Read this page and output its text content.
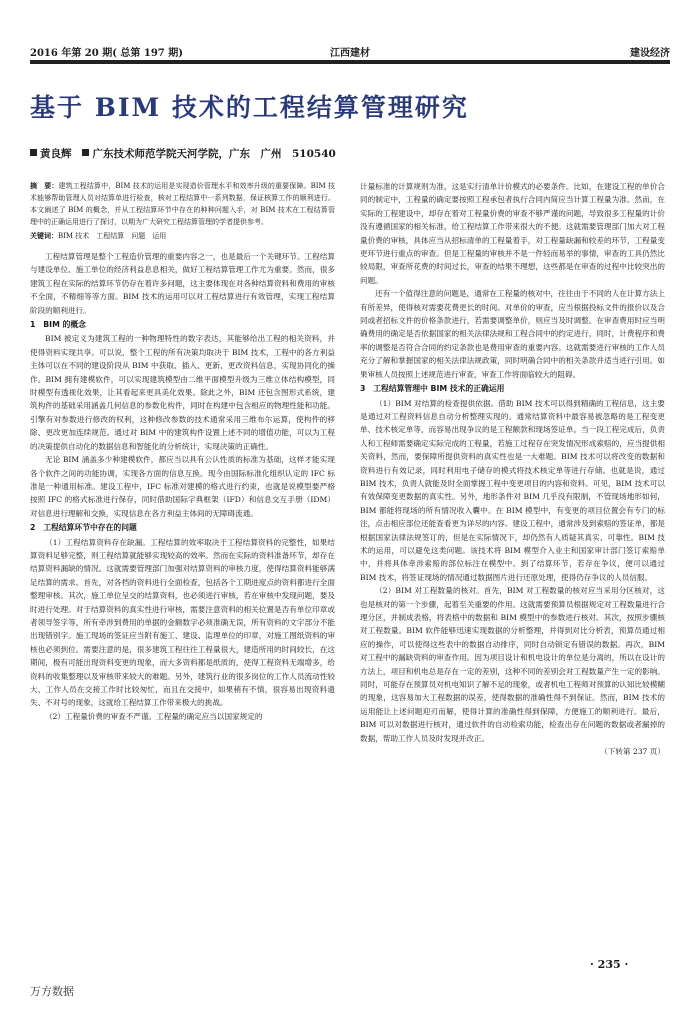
2016 年第 20 期( 总第 197 期)	江西建材	建设经济
基于 BIM 技术的工程结算管理研究
黄良辉 广东技术师范学院天河学院，广东　广州　510540
摘　要：建筑工程结算中，BIM 技术的运用是实现造价管理水平和效率升级的重要保障。BIM 技术能够帮助管理人员对结算单进行检查，核对工程结算中一系列数据，保证核算工作的顺利进行。本文阐述了 BIM 的概念，并从工程结算环节中存在的种种问题入手，对 BIM 技术在工程结算管理中的正确运用进行了探讨，以期为广大研究工程结算管理的学者提供参考。
关键词：BIM 技术　工程结算　问题　运用

工程结算管理是整个工程造价管理的重要内容之一，也是最后一个关键环节。工程结算与建设单位、施工单位的经济利益息息相关，做好工程结算管理工作尤为重要。然而，很多建筑工程在实际的结算环节仍存在着许多问题，这主要体现在对各种结算资料和费用的审核不全面，不精细等等方面。BIM 技术的运用可以对工程结算进行有效管理，实现工程结算阶段的顺利进行。

1　BIM 的概念

BIM 被定义为建筑工程的一种物理特性的数字表达，其能够给出工程的相关资料，并使得资料实现共享。可以说，整个工程的所有决策均取决于 BIM 技术，工程中的各方利益主体可以在不同的建设阶段从 BIM 中获取、插入、更新、更改资料信息，实现协同化的操作。BIM 拥有建模软件，可以实现建筑模型由二维平面模型升级为三维立体结构模型，同时模型有透视化效果，让其看起来更具美化效果。除此之外，BIM 还包含图形式系统，建筑构件的基础采用涵盖几何信息的参数化构件，同时在构建中包含相应的物理性能和功能。引擎有对参数进行修改的权利，这种修改参数的技术通常采用三维布尔运算，使构件的移除、更改更加连续规范。通过对 BIM 中的建筑构件设置上述不同的增值功能，可以为工程的决策提供自动化的数据信息和智能化的分析统计，实现决策的正确性。

无论 BIM 涵盖多少种建模软件，都应当以具有公认性质的标准为基础，这样才能实现各个软件之间的功能协调，实现各方面的信息互换。现今由国际标准化组织认定的 IFC 标准是一种通用标准。建设工程中，IFC 标准对建模的格式进行约束，也就是说模型要严格按照 IFC 的格式标准进行保存，同时借助国际字典框架（IFD）和信息交互手册（IDM）对信息进行理解和交换，实现信息在各方利益主体间的无障碍流通。

2　工程结算环节中存在的问题

（1）工程结算资料存在缺漏。工程结算的效率取决于工程结算资料的完整性，如果结算资料足够完整，则工程结算就能够实现较高的效率。然而在实际的资料准备环节，却存在结算资料漏缺的情况。这就需要管理部门加强对结算资料的审核力度，使得结算资料能够满足结算的需求。首先，对各档的资料进行全面检查，包括各个工期进度点的资料都进行全面整理审核。其次，施工单位呈交的结算资料，也必须进行审核，若在审核中发现问题，要及时进行处理。对于结算资料的真实性进行审核，需要注意资料的相关位置是否有单位印章或者领导签字等，所有牵涉到费用的单据的金额数字必须准确无误，所有资料的文字部分不能出现错别字。施工现场的签证应当附有施工、建设、监理单位的印章，对施工图纸资料的审核也必须到位。需要注意的是，很多建筑工程往往工程量很大，建造所用的时间较长，在这期间，极有可能出现资料变更的现象，而大多资料都是纸质的，使得工程资料无端增多，给资料的收集整理以及审核带来较大的难题。另外，建筑行业的很多岗位的工作人员流动性较大，工作人员在交接工作时比较匆忙，而且在交接中，如果稍有不慎，很容易出现资料遗失、不对号的现象，这就给工程结算工作带来极大的挑战。

（2）工程量价费的审查不严谨。工程量的确定应当以国家规定的

计量标准的计算规则为准，这是实行清单计价模式的必要条件。比如，在建设工程的单价合同的制定中，工程量的确定要按照工程承包者执行合同内简应当计算工程量为准。然而，在实际的工程建设中，却存在着对工程量价费的审查不够严谨的问题，导致很多工程量的计价没有遵循国家的相关标准，给工程结算工作带来很大的不便。这就需要管理部门加大对工程量价费的审核，具体应当从招标清单的工程量着手，对工程量缺漏和较差的环节，工程量变更环节进行重点的审查。但是工程量的审核并不是一件轻而易举的事情，审查的工具仍然比较局限，审查所花费的时间过长，审查的结果不理想，这些都是在审查的过程中比较突出的问题。

还有一个值得注意的问题是，通常在工程量的核对中，往往由于不同的人在计算方法上有所差异，使得核对需要花费更长的时间。对单价的审查，应当根据投标文件的报价以及合同或者招标文件的价格条款进行，若需要调整单价，则应当及时调整。在审查费用时应当明确费用的确定是否依据国家的相关法律法规和工程合同中的约定进行，同时，计费程序和费率的调整是否符合合同的约定条款也是费用审查的重要内容。这就需要进行审核的工作人员充分了解和掌握国家的相关法律法规政策，同时明确合同中的相关条款并适当进行引用。如果审核人员按照上述规范进行审查，审查工作将面临较大的阻碍。

3　工程结算管理中 BIM 技术的正确运用

（1）BIM 对结算的检查提供依据。借助 BIM 技术可以得到精确的工程信息，这主要是通过对工程资料信息自动分析整理实现的。通常结算资料中最容易被忽略的是工程变更单、技术核定单等，而容易出现争议的是工程额款和现场签证单。当一段工程完成后，负责人和工程师需要确定实际完成的工程量，若施工过程存在突发情况形成索赔的，应当提供相关资料，然而，要保障所提供资料的真实性也是一大难题。BIM 技术可以将改变的数据和资料进行有效记录，同时利用电子储存的模式将技术核定单等进行存储。也就是说，通过 BIM 技术，负责人就能及时全面掌握工程中变更项目的内容和资料。可见，BIM 技术可以有效保障变更数据的真实性。另外，地形条件对 BIM 几乎没有限制，不管现场地形如何，BIM 都能将现场的所有情况收入囊中。在 BIM 模型中，有变更的项目位置会有专门的标注，点击相应部位还能查看更为详尽的内容。建设工程中，通常涉及到索赔的签证单，都是根据国家法律法规签订的，但是在实际情况下，却仍然有人质疑其真实、可靠性。BIM 技术的运用，可以避免这类问题。该技术将 BIM 模型介入业主和国家审计部门签订索赔单中，并将具体牵涉索赔的部位标注在模型中。到了结算环节，若存在争议，便可以通过 BIM 技术，将签证现场的情况通过数据图片进行还原处理，使得仍存争议的人员信服。

（2）BIM 对工程数量的核对。首先，BIM 对工程数量的核对应当采用分区核对，这也是核对的第一个步骤，起着至关重要的作用。这就需要预算员根据规定对工程数量进行合理分区，并制成表格，将表格中的数据和 BIM 模型中的参数进行核对。其次，按照步骤核对工程数量。BIM 软件能够迅速实现数据的分析整理，并得到对比分析表，预算员通过相应的操作，可以使得这些表中的数据自动排序，同时自动锁定有错误的数据。再次，BIM 对工程中的漏缺资料的审查作用。因为项目设计和机电设计的单位是分离的，所以在设计的方法上，项目和机电总是存在一定的差别，这种不同的差别会对工程数量产生一定的影响。同时，可能存在预算员对机电知识了解不足的现象，或者机电工程师对预算的认知比较模糊的现象，这容易加大工程数据的误差，使得数据的准确性得不到保证。然而，BIM 技术的运用能让上述问题迎刃而解，使得计算的准确性得到保障，方便施工的顺利进行。最后，BIM 可以对数据进行核对，通过软件的自动检索功能，检查出存在问题的数据或者漏掉的数据，帮助工作人员及时发现并改正。

（下转第 237 页）
· 235 ·
万方数据
